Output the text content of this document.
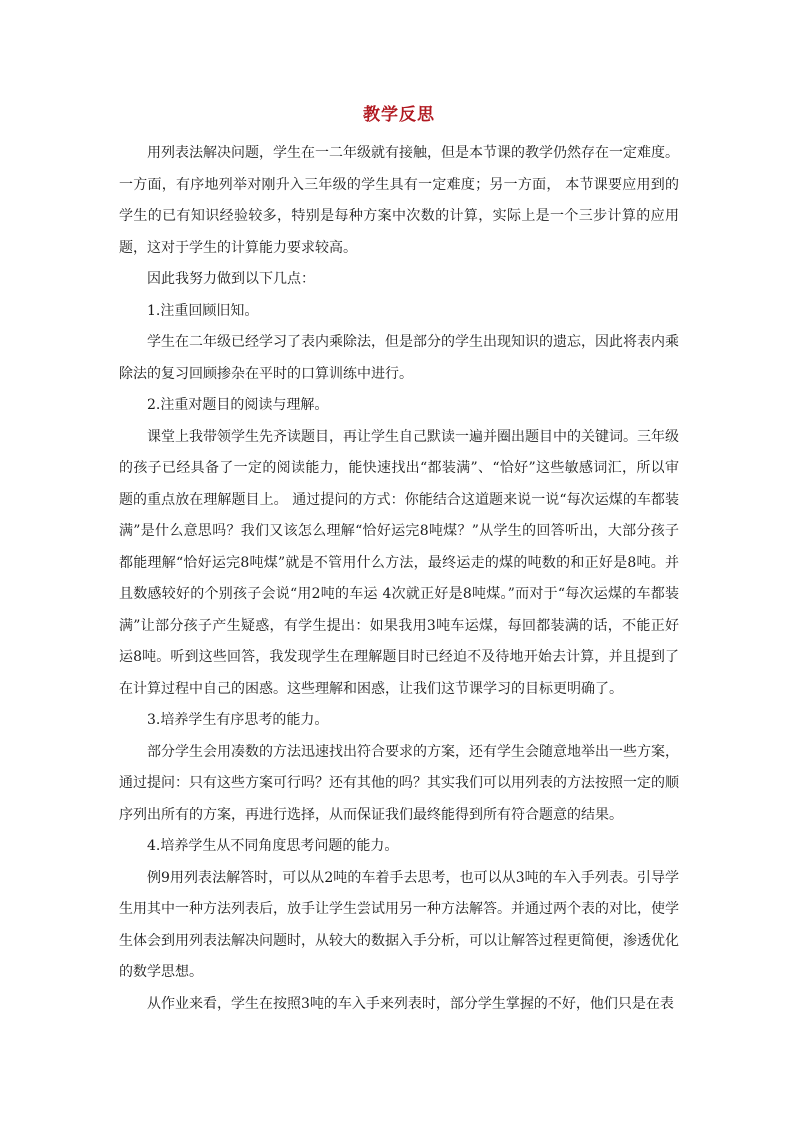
教学反思

用列表法解决问题，学生在一二年级就有接触，但是本节课的教学仍然存在一定难度。一方面，有序地列举对刚升入三年级的学生具有一定难度；另一方面， 本节课要应用到的学生的已有知识经验较多，特别是每种方案中次数的计算，实际上是一个三步计算的应用题，这对于学生的计算能力要求较高。

因此我努力做到以下几点：

1.注重回顾旧知。

学生在二年级已经学习了表内乘除法，但是部分的学生出现知识的遗忘，因此将表内乘除法的复习回顾掺杂在平时的口算训练中进行。

2.注重对题目的阅读与理解。

课堂上我带领学生先齐读题目，再让学生自己默读一遍并圈出题目中的关键词。三年级的孩子已经具备了一定的阅读能力，能快速找出“都装满”、“恰好”这些敏感词汇，所以审题的重点放在理解题目上。 通过提问的方式：你能结合这道题来说一说“每次运煤的车都装满”是什么意思吗？我们又该怎么理解“恰好运完8吨煤？”从学生的回答听出，大部分孩子都能理解“恰好运完8吨煤”就是不管用什么方法，最终运走的煤的吨数的和正好是8吨。并且数感较好的个别孩子会说“用2吨的车运 4次就正好是8吨煤。”而对于“每次运煤的车都装满”让部分孩子产生疑惑，有学生提出：如果我用3吨车运煤，每回都装满的话，不能正好运8吨。听到这些回答，我发现学生在理解题目时已经迫不及待地开始去计算，并且提到了在计算过程中自己的困惑。这些理解和困惑，让我们这节课学习的目标更明确了。

3.培养学生有序思考的能力。

部分学生会用凑数的方法迅速找出符合要求的方案，还有学生会随意地举出一些方案，通过提问：只有这些方案可行吗？还有其他的吗？其实我们可以用列表的方法按照一定的顺序列出所有的方案，再进行选择，从而保证我们最终能得到所有符合题意的结果。

4.培养学生从不同角度思考问题的能力。

例9用列表法解答时，可以从2吨的车着手去思考，也可以从3吨的车入手列表。引导学生用其中一种方法列表后，放手让学生尝试用另一种方法解答。并通过两个表的对比，使学生体会到用列表法解决问题时，从较大的数据入手分析，可以让解答过程更简便，渗透优化的数学思想。

从作业来看，学生在按照3吨的车入手来列表时，部分学生掌握的不好，他们只是在表
